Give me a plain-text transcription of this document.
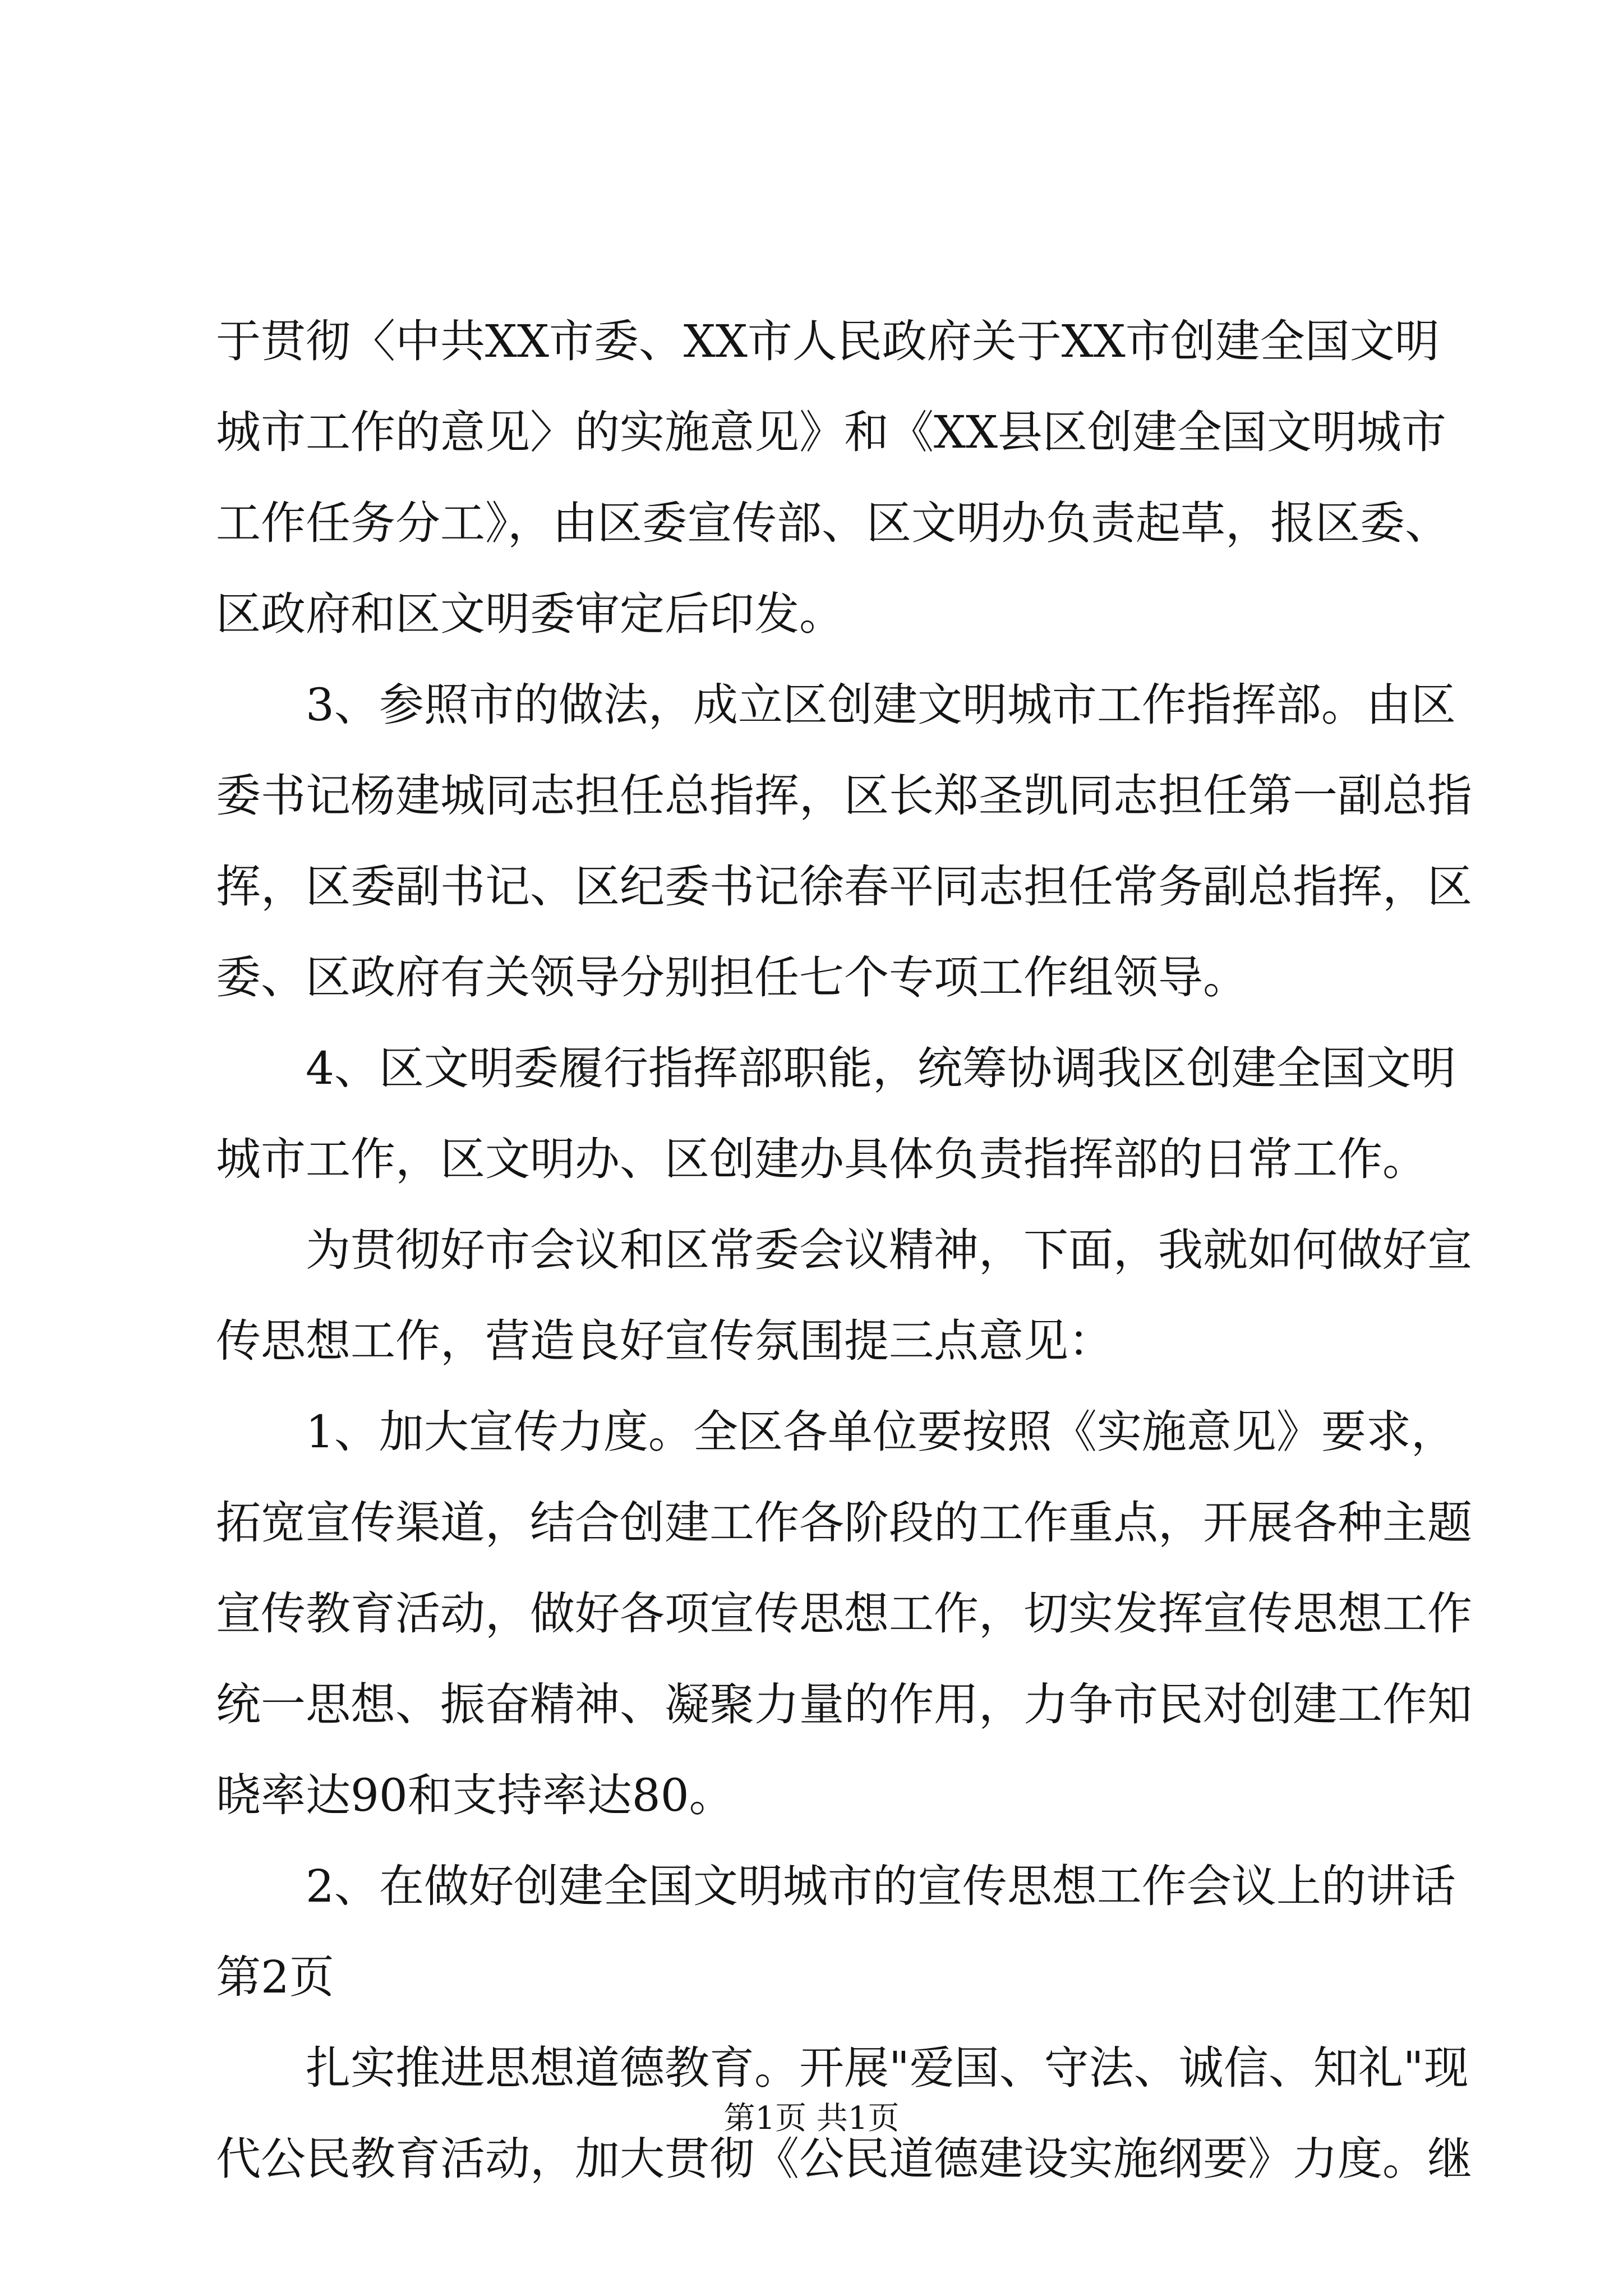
于贯彻〈中共XX市委、XX市人民政府关于XX市创建全国文明
城市工作的意见〉的实施意见》和《XX县区创建全国文明城市
工作任务分工》，由区委宣传部、区文明办负责起草，报区委、
区政府和区文明委审定后印发。

3、参照市的做法，成立区创建文明城市工作指挥部。由区
委书记杨建城同志担任总指挥，区长郑圣凯同志担任第一副总指
挥，区委副书记、区纪委书记徐春平同志担任常务副总指挥，区
委、区政府有关领导分别担任七个专项工作组领导。

4、区文明委履行指挥部职能，统筹协调我区创建全国文明
城市工作，区文明办、区创建办具体负责指挥部的日常工作。

为贯彻好市会议和区常委会议精神，下面，我就如何做好宣
传思想工作，营造良好宣传氛围提三点意见：

1、加大宣传力度。全区各单位要按照《实施意见》要求，
拓宽宣传渠道，结合创建工作各阶段的工作重点，开展各种主题
宣传教育活动，做好各项宣传思想工作，切实发挥宣传思想工作
统一思想、振奋精神、凝聚力量的作用，力争市民对创建工作知
晓率达90和支持率达80。

2、在做好创建全国文明城市的宣传思想工作会议上的讲话
第2页

扎实推进思想道德教育。开展"爱国、守法、诚信、知礼"现
代公民教育活动，加大贯彻《公民道德建设实施纲要》力度。继

第1页 共1页
